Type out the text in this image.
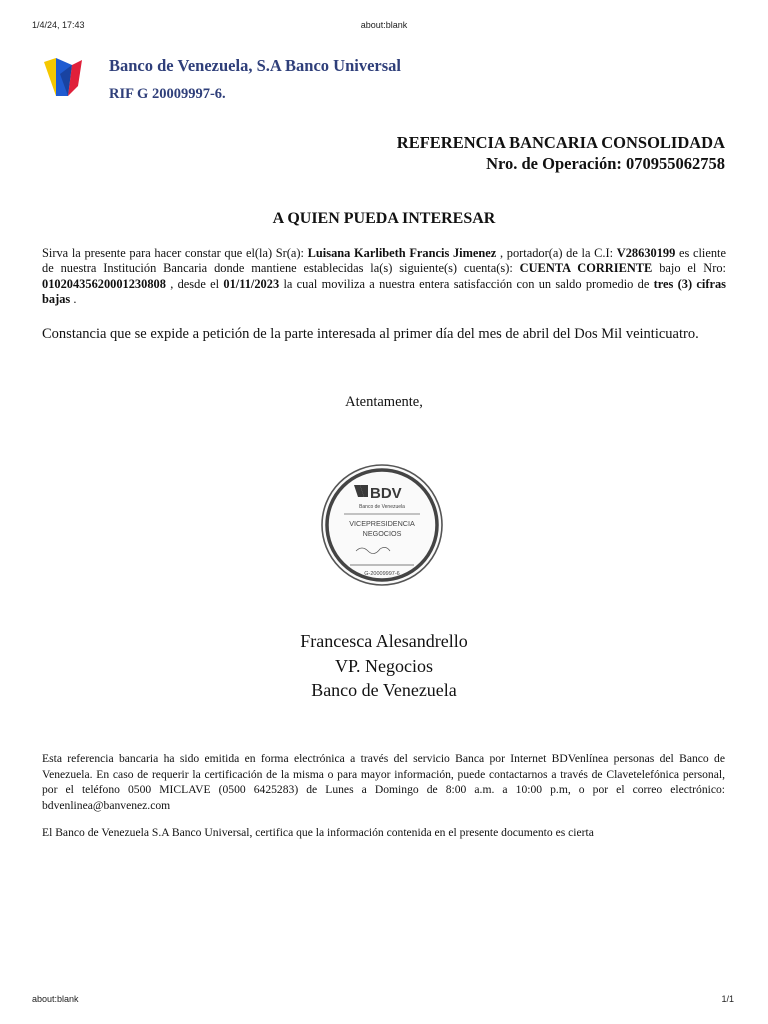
1/4/24, 17:43	about:blank
Banco de Venezuela, S.A Banco Universal
RIF G 20009997-6.
REFERENCIA BANCARIA CONSOLIDADA
Nro. de Operación: 070955062758
A QUIEN PUEDA INTERESAR
Sirva la presente para hacer constar que el(la) Sr(a): Luisana Karlibeth Francis Jimenez , portador(a) de la C.I: V28630199 es cliente de nuestra Institución Bancaria donde mantiene establecidas la(s) siguiente(s) cuenta(s): CUENTA CORRIENTE bajo el Nro: 01020435620001230808 , desde el 01/11/2023 la cual moviliza a nuestra entera satisfacción con un saldo promedio de tres (3) cifras bajas .
Constancia que se expide a petición de la parte interesada al primer día del mes de abril del Dos Mil veinticuatro.
Atentamente,
BDV
Banco de Venezuela
VICEPRESIDENCIA
NEGOCIOS
G-20009997-6
Francesca Alesandrello
VP. Negocios
Banco de Venezuela
Esta referencia bancaria ha sido emitida en forma electrónica a través del servicio Banca por Internet BDVenlínea personas del Banco de Venezuela. En caso de requerir la certificación de la misma o para mayor información, puede contactarnos a través de Clavetelefónica personal, por el teléfono 0500 MICLAVE (0500 6425283) de Lunes a Domingo de 8:00 a.m. a 10:00 p.m, o por el correo electrónico: bdvenlinea@banvenez.com
El Banco de Venezuela S.A Banco Universal, certifica que la información contenida en el presente documento es cierta
about:blank	1/1
